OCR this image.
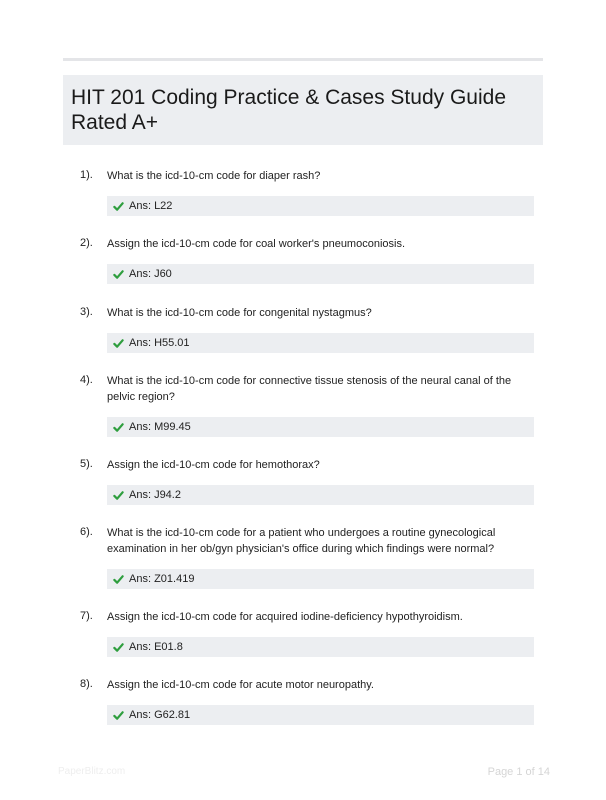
HIT 201 Coding Practice & Cases Study Guide Rated A+
1).	What is the icd-10-cm code for diaper rash?
Ans: L22
2).	Assign the icd-10-cm code for coal worker's pneumoconiosis.
Ans: J60
3).	What is the icd-10-cm code for congenital nystagmus?
Ans: H55.01
4).	What is the icd-10-cm code for connective tissue stenosis of the neural canal of the pelvic region?
Ans: M99.45
5).	Assign the icd-10-cm code for hemothorax?
Ans: J94.2
6).	What is the icd-10-cm code for a patient who undergoes a routine gynecological examination in her ob/gyn physician's office during which findings were normal?
Ans: Z01.419
7).	Assign the icd-10-cm code for acquired iodine-deficiency hypothyroidism.
Ans: E01.8
8).	Assign the icd-10-cm code for acute motor neuropathy.
Ans: G62.81
PaperBlitz.com	Page 1 of 14
